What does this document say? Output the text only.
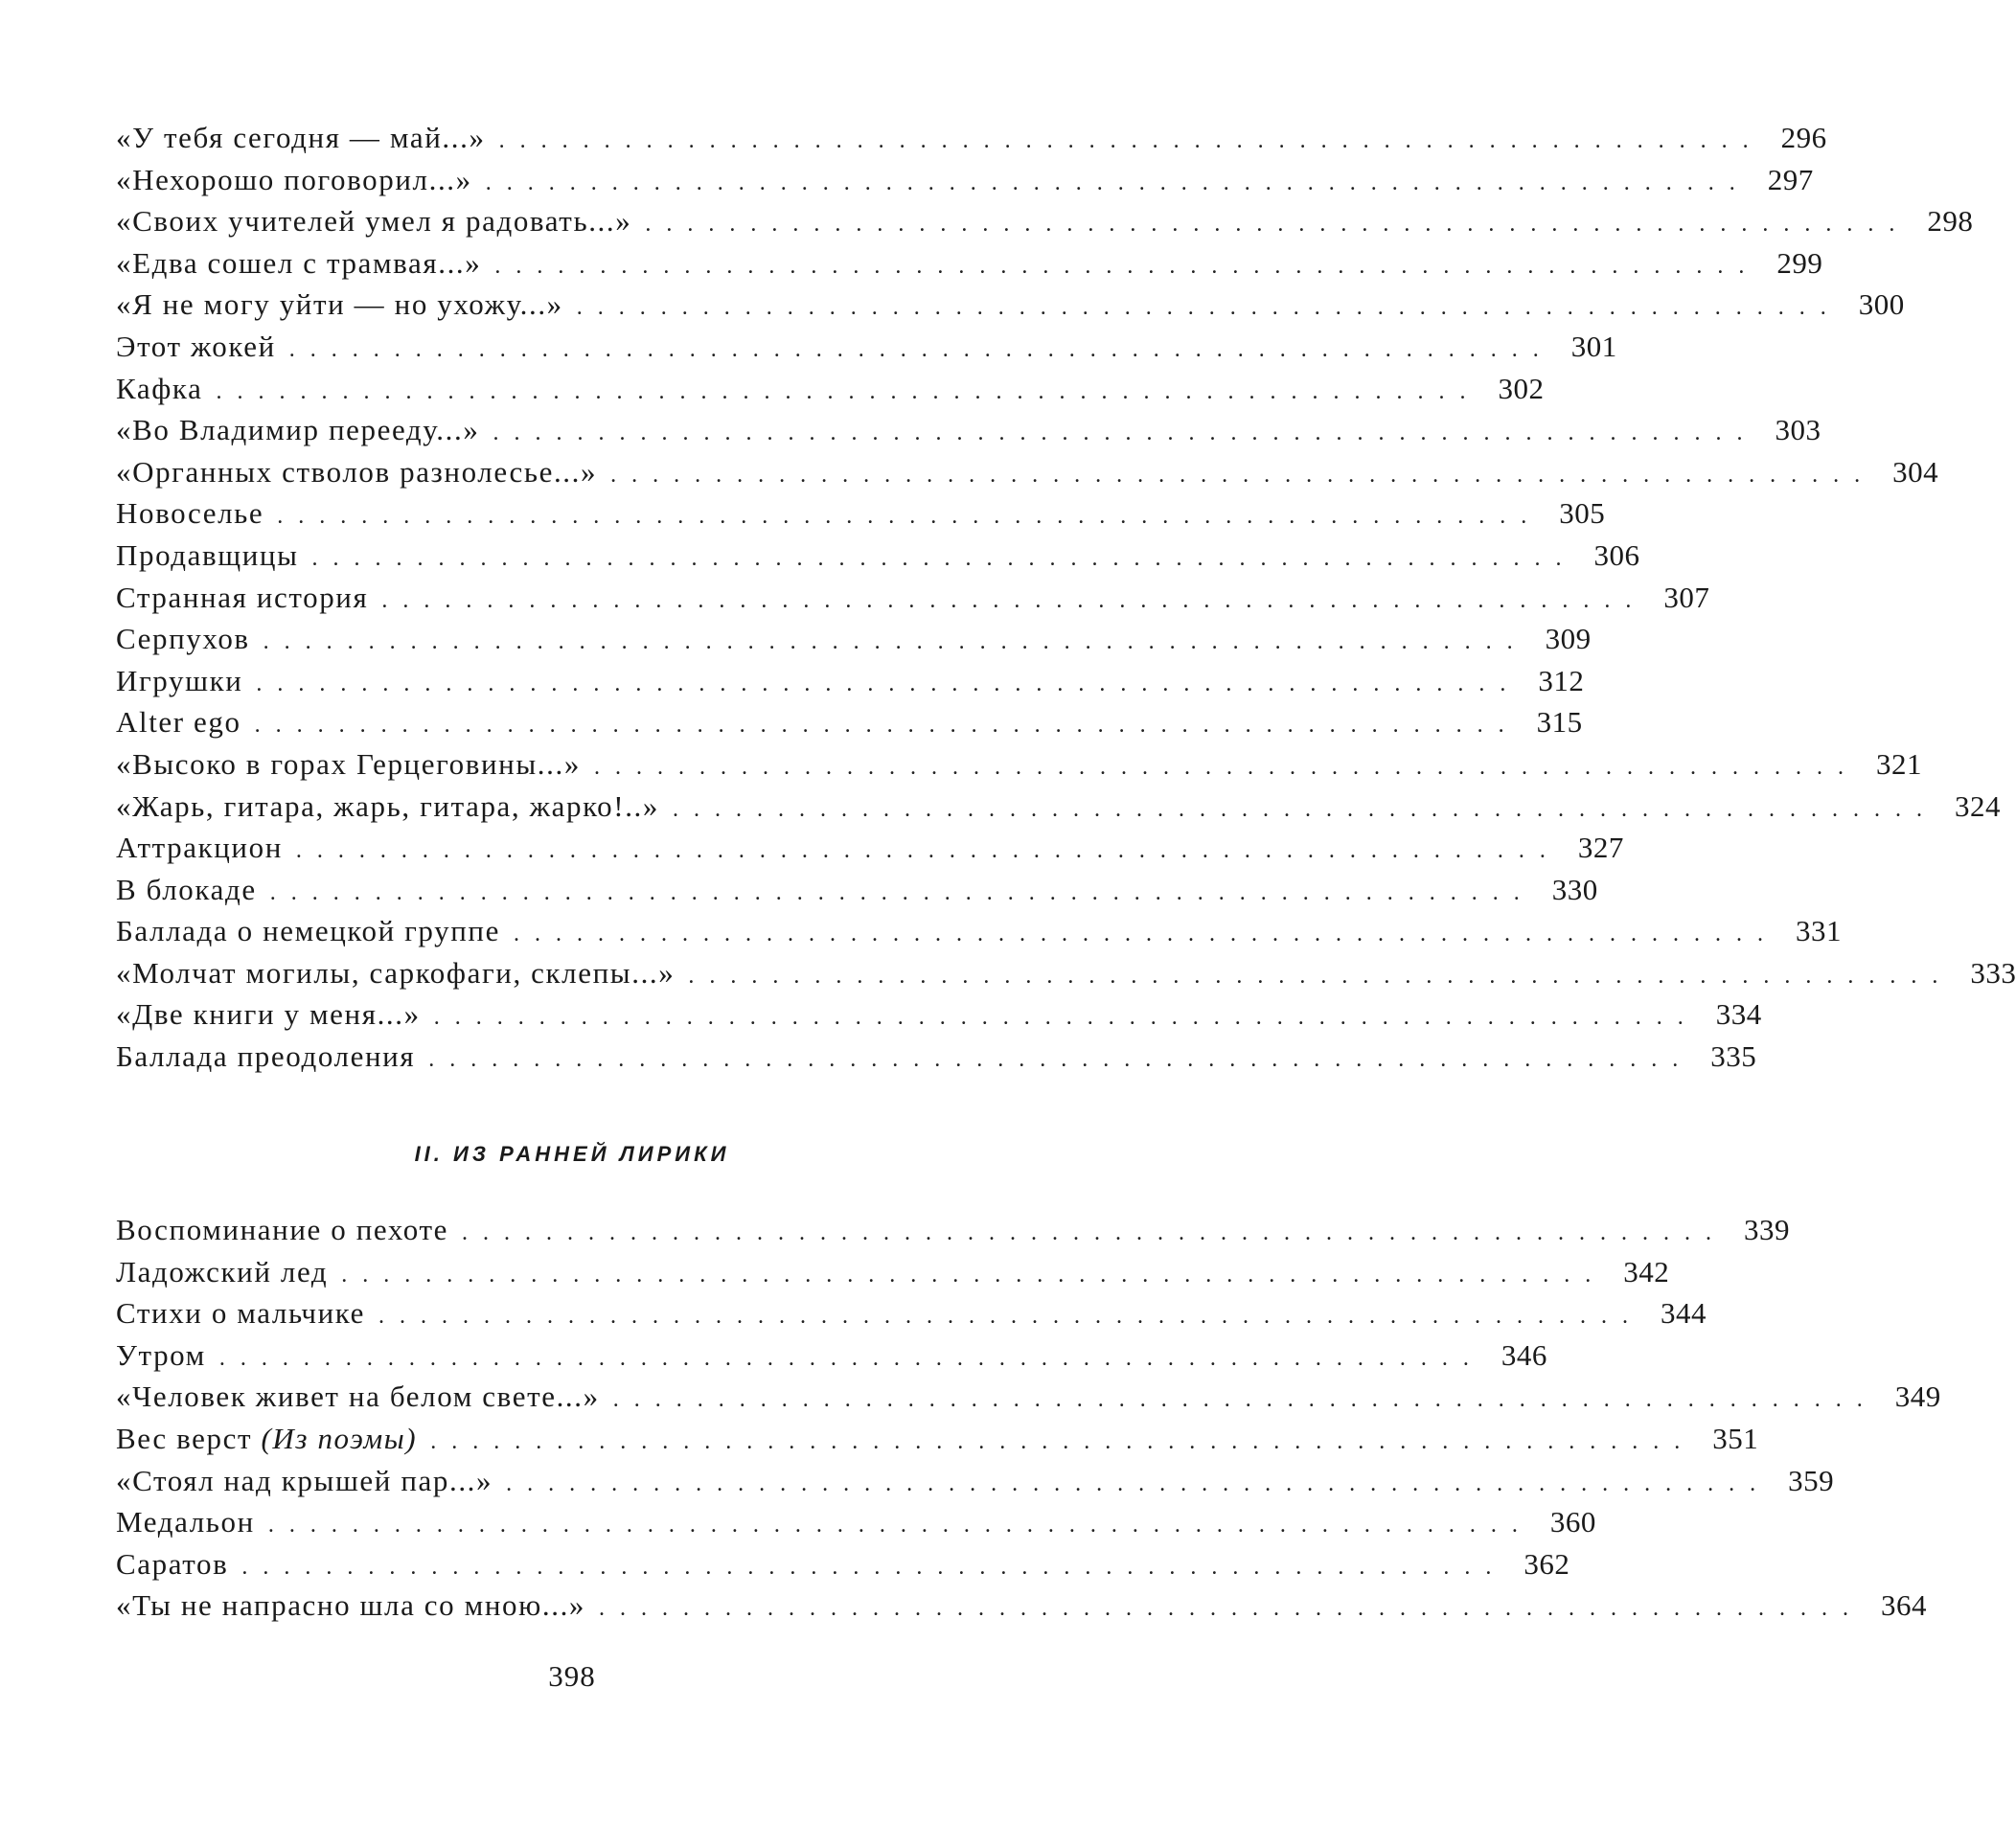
«У тебя сегодня — май...» ............................................................ 296
«Нехорошо поговорил...» ............................................................ 297
«Своих учителей умел я радовать...» ............................................................ 298
«Едва сошел с трамвая...» ............................................................ 299
«Я не могу уйти — но ухожу...» ............................................................ 300
Этот жокей ............................................................ 301
Кафка ............................................................ 302
«Во Владимир перееду...» ............................................................ 303
«Органных стволов разнолесье...» ............................................................ 304
Новоселье ............................................................ 305
Продавщицы ............................................................ 306
Странная история ............................................................ 307
Серпухов ............................................................ 309
Игрушки ............................................................ 312
Alter ego ............................................................ 315
«Высоко в горах Герцеговины...» ............................................................ 321
«Жарь, гитара, жарь, гитара, жарко!..» ............................................................ 324
Аттракцион ............................................................ 327
В блокаде ............................................................ 330
Баллада о немецкой группе ............................................................ 331
«Молчат могилы, саркофаги, склепы...» ............................................................ 333
«Две книги у меня...» ............................................................ 334
Баллада преодоления ............................................................ 335
II. ИЗ РАННЕЙ ЛИРИКИ
Воспоминание о пехоте ............................................................ 339
Ладожский лед ............................................................ 342
Стихи о мальчике ............................................................ 344
Утром ............................................................ 346
«Человек живет на белом свете...» ............................................................ 349
Вес верст (Из поэмы) ............................................................ 351
«Стоял над крышей пар...» ............................................................ 359
Медальон ............................................................ 360
Саратов ............................................................ 362
«Ты не напрасно шла со мною...» ............................................................ 364
398
